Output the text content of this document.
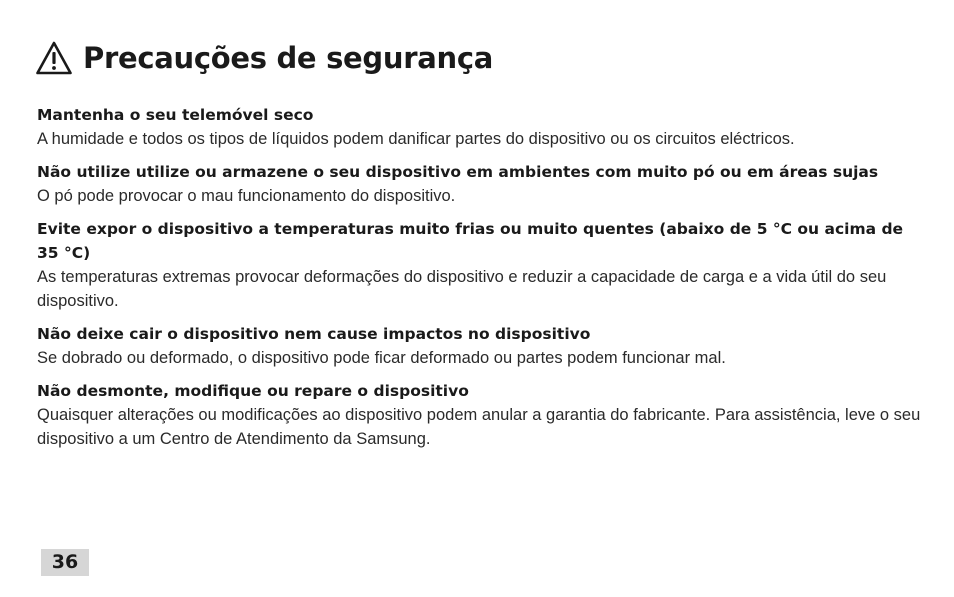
Precauções de segurança

Mantenha o seu telemóvel seco

A humidade e todos os tipos de líquidos podem danificar partes do dispositivo ou os circuitos eléctricos.

Não utilize utilize ou armazene o seu dispositivo em ambientes com muito pó ou em áreas sujas

O pó pode provocar o mau funcionamento do dispositivo.

Evite expor o dispositivo a temperaturas muito frias ou muito quentes (abaixo de 5 °C ou acima de 35 °C)

As temperaturas extremas provocar deformações do dispositivo e reduzir a capacidade de carga e a vida útil do seu dispositivo.

Não deixe cair o dispositivo nem cause impactos no dispositivo

Se dobrado ou deformado, o dispositivo pode ficar deformado ou partes podem funcionar mal.

Não desmonte, modifique ou repare o dispositivo

Quaisquer alterações ou modificações ao dispositivo podem anular a garantia do fabricante. Para assistência, leve o seu dispositivo a um Centro de Atendimento da Samsung.

36
